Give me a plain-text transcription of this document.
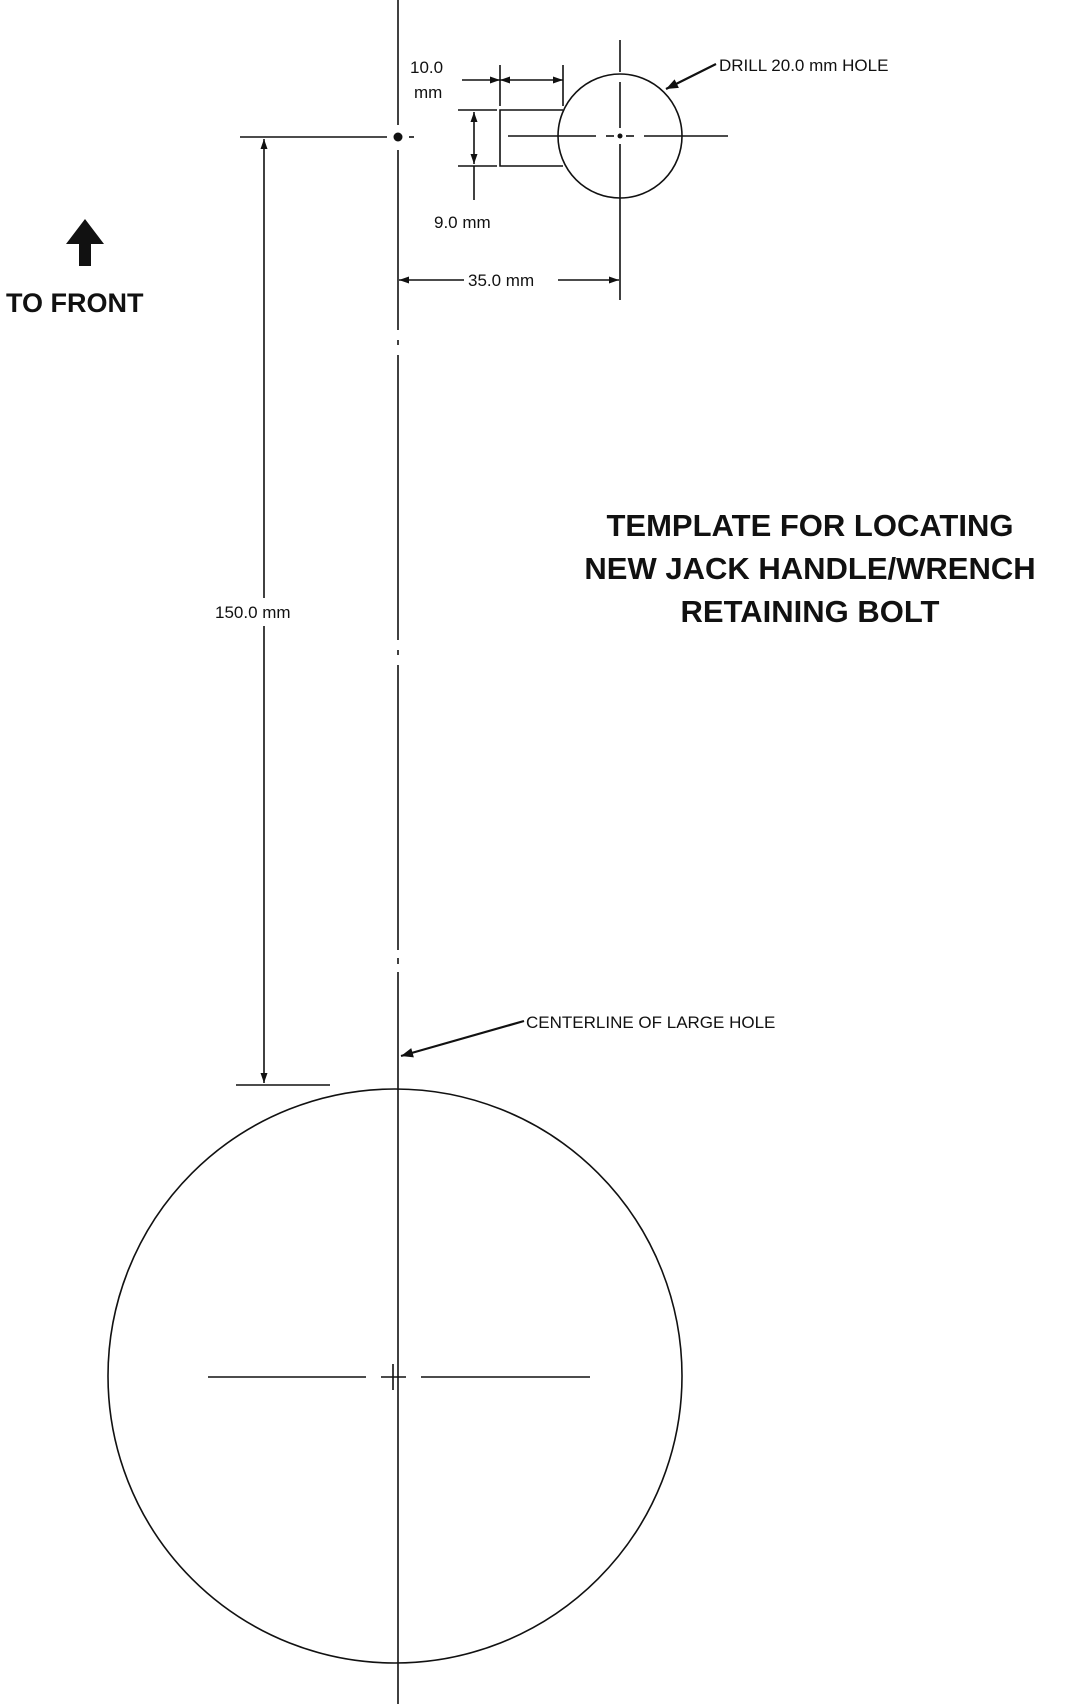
10.0
mm
9.0 mm
35.0 mm
DRILL 20.0 mm HOLE
150.0 mm
TO FRONT
TEMPLATE FOR LOCATING
NEW JACK HANDLE/WRENCH
RETAINING BOLT
CENTERLINE OF LARGE HOLE
